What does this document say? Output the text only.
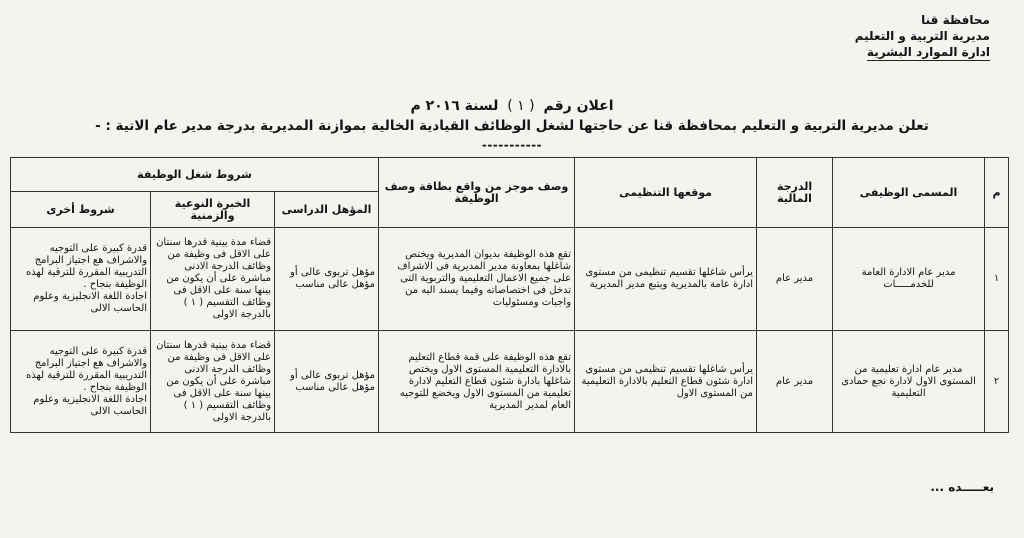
محافظة قنا
مديرية التربية و التعليم
ادارة الموارد البشرية
اعلان رقم ( ١ ) لسنة ٢٠١٦ م
تعلن مديرية التربية و التعليم بمحافظة قنا عن حاجتها لشغل الوظائف القيادية الخالية بموازنة المديرية بدرجة مدير عام الاتية : -
-----------
م	المسمى الوظيفى	الدرجة المالية	موقعها التنظيمى	وصف موجز من واقع بطاقة وصف الوظيفة	شروط شغل الوظيفة		
					المؤهل الدراسى	الخبرة النوعية والزمنية	شروط أخرى
١	مدير عام الادارة العامة للخدمـــــات	مدير عام	يرأس شاغلها تقسيم تنظيمى من مستوى ادارة عامة بالمديرية ويتبع مدير المديرية	تقع هذه الوظيفة بديوان المديرية ويختص شاغلها بمعاونة مدير المديرية فى الاشراف على جميع الاعمال التعليمية والتربوية التى تدخل فى اختصاصاته وفيما يسند اليه من واجبات ومسئوليات	مؤهل تربوى عالى أو مؤهل عالى مناسب	قضاء مدة بينية قدرها سنتان على الاقل فى وظيفة من وظائف الدرجة الادنى مباشرة على أن يكون من بينها سنة على الاقل فى وظائف التقسيم ( ١ ) بالدرجة الاولى	قدرة كبيرة على التوجيه والاشراف هع اجتياز البرامج التدريبية المقررة للترقية لهذه الوظيفة بنجاح .
اجادة اللغة الانجليزية وعلوم الحاسب الالى
٢	مدير عام ادارة تعليمية من المستوى الاول لادارة نجع حمادى التعليمية	مدير عام	يرأس شاغلها تقسيم تنظيمى من مستوى ادارة شئون قطاع التعليم بالادارة التعليمية من المستوى الاول	تقع هذه الوظيفة على قمة قطاع التعليم بالادارة التعليمية المستوى الاول ويختص شاغلها بادارة شئون قطاع التعليم لادارة تعليمية من المستوى الاول ويخضع للتوجيه العام لمدير المديرية	مؤهل تربوى عالى أو مؤهل عالى مناسب	قضاء مدة بينية قدرها سنتان على الاقل فى وظيفة من وظائف الدرجة الادنى مباشرة على أن يكون من بينها سنة على الاقل فى وظائف التقسيم ( ١ ) بالدرجة الاولى	قدرة كبيرة على التوجيه والاشراف هع اجتياز البرامج التدريبية المقررة للترقية لهذه الوظيفة بنجاح .
اجادة اللغة الانجليزية وعلوم الحاسب الالى
بعـــــده ...
